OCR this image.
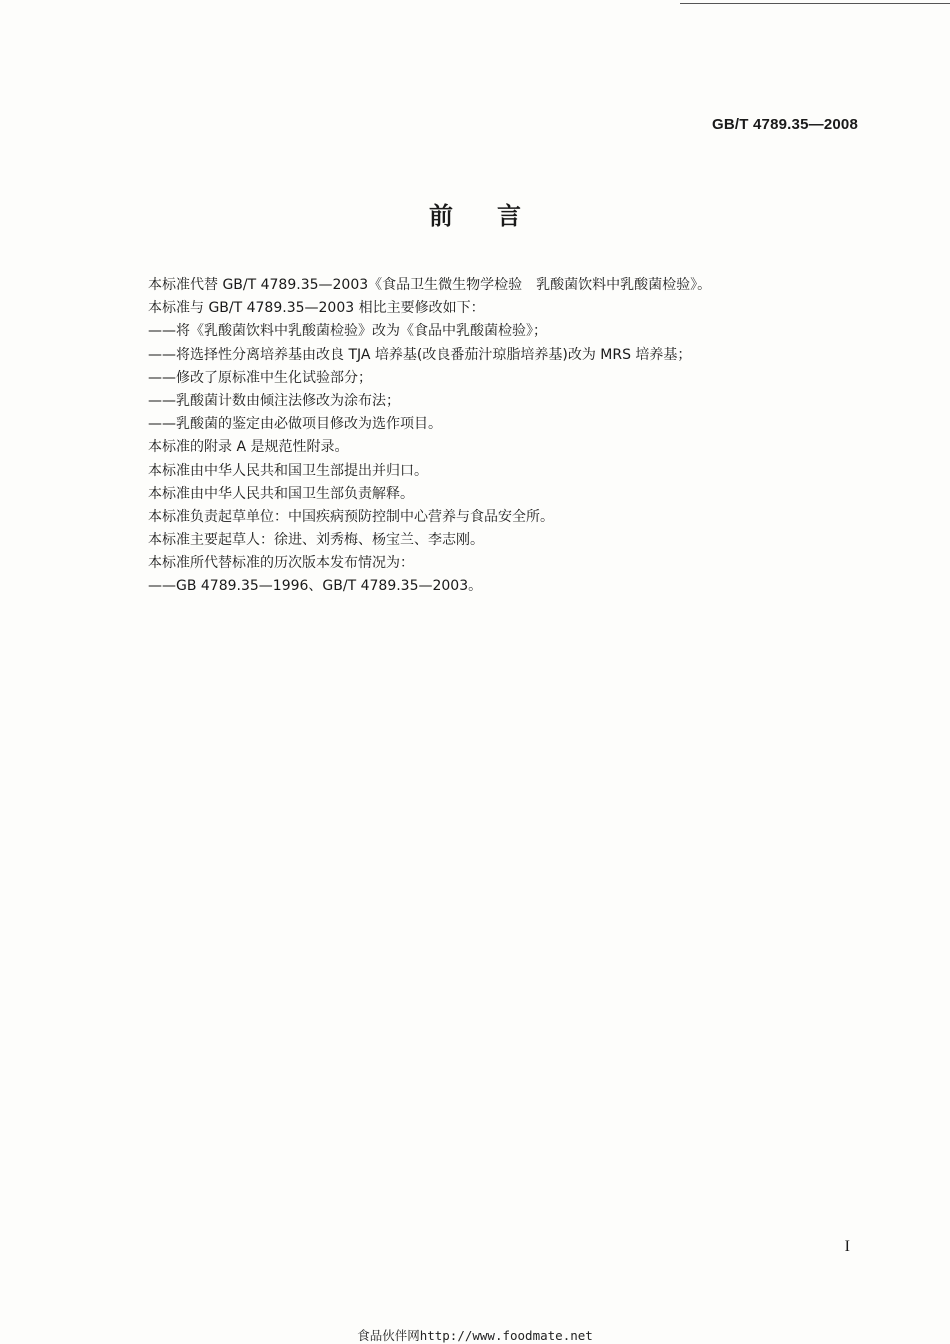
GB/T 4789.35—2008
前言
本标准代替 GB/T 4789.35—2003《食品卫生微生物学检验　乳酸菌饮料中乳酸菌检验》。
本标准与 GB/T 4789.35—2003 相比主要修改如下：
——将《乳酸菌饮料中乳酸菌检验》改为《食品中乳酸菌检验》；
——将选择性分离培养基由改良 TJA 培养基(改良番茄汁琼脂培养基)改为 MRS 培养基；
——修改了原标准中生化试验部分；
——乳酸菌计数由倾注法修改为涂布法；
——乳酸菌的鉴定由必做项目修改为选作项目。
本标准的附录 A 是规范性附录。
本标准由中华人民共和国卫生部提出并归口。
本标准由中华人民共和国卫生部负责解释。
本标准负责起草单位：中国疾病预防控制中心营养与食品安全所。
本标准主要起草人：徐进、刘秀梅、杨宝兰、李志刚。
本标准所代替标准的历次版本发布情况为：
——GB 4789.35—1996、GB/T 4789.35—2003。
I
食品伙伴网http://www.foodmate.net
